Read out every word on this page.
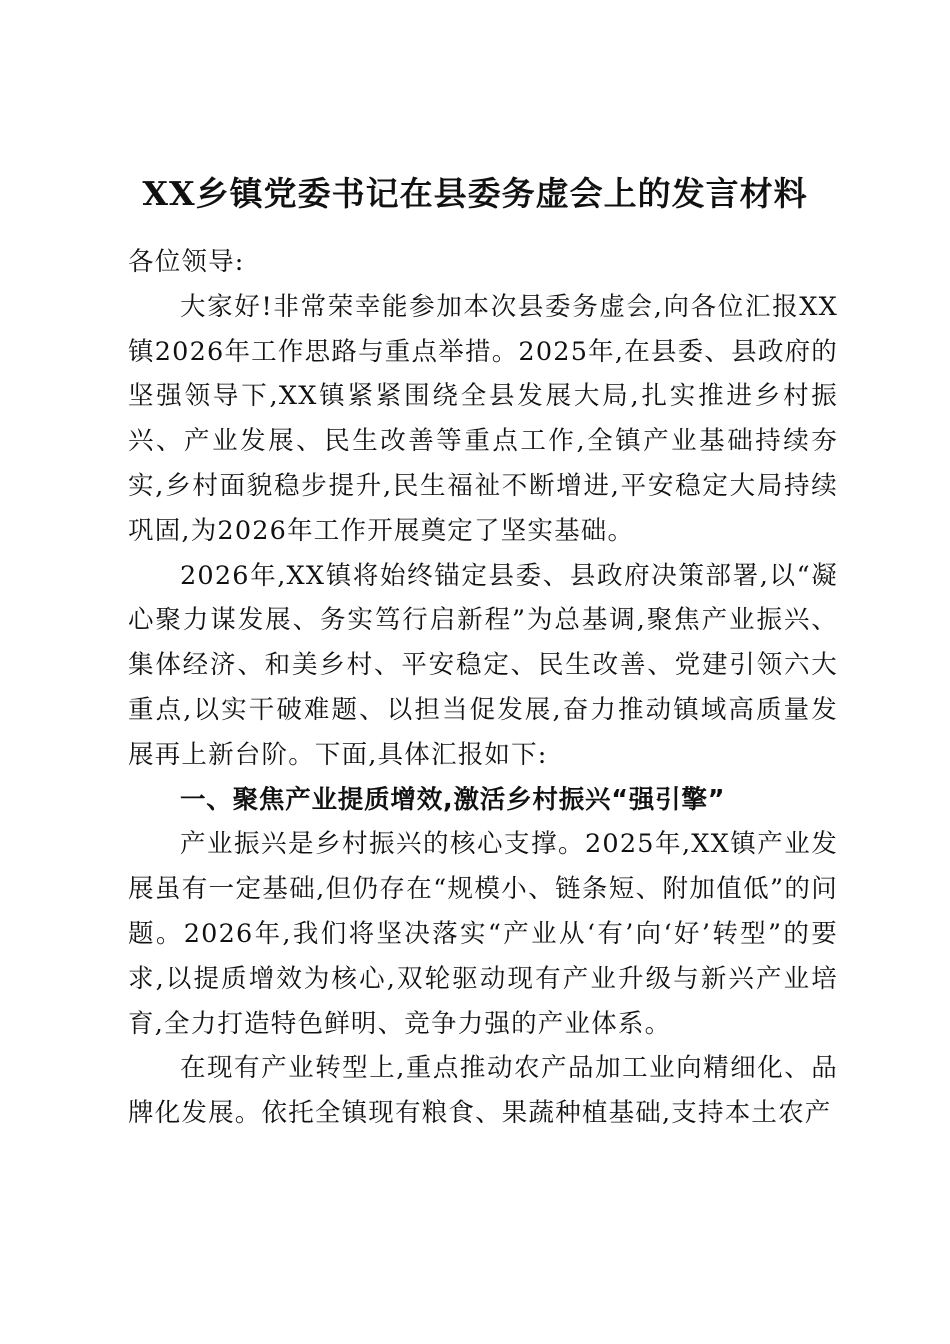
XX乡镇党委书记在县委务虚会上的发言材料

各位领导:

大家好!非常荣幸能参加本次县委务虚会,向各位汇报XX镇2026年工作思路与重点举措。2025年,在县委、县政府的坚强领导下,XX镇紧紧围绕全县发展大局,扎实推进乡村振兴、产业发展、民生改善等重点工作,全镇产业基础持续夯实,乡村面貌稳步提升,民生福祉不断增进,平安稳定大局持续巩固,为2026年工作开展奠定了坚实基础。

2026年,XX镇将始终锚定县委、县政府决策部署,以“凝心聚力谋发展、务实笃行启新程”为总基调,聚焦产业振兴、集体经济、和美乡村、平安稳定、民生改善、党建引领六大重点,以实干破难题、以担当促发展,奋力推动镇域高质量发展再上新台阶。下面,具体汇报如下:

一、聚焦产业提质增效,激活乡村振兴“强引擎”

产业振兴是乡村振兴的核心支撑。2025年,XX镇产业发展虽有一定基础,但仍存在“规模小、链条短、附加值低”的问题。2026年,我们将坚决落实“产业从‘有’向‘好’转型”的要求,以提质增效为核心,双轮驱动现有产业升级与新兴产业培育,全力打造特色鲜明、竞争力强的产业体系。

在现有产业转型上,重点推动农产品加工业向精细化、品牌化发展。依托全镇现有粮食、果蔬种植基础,支持本土农产
